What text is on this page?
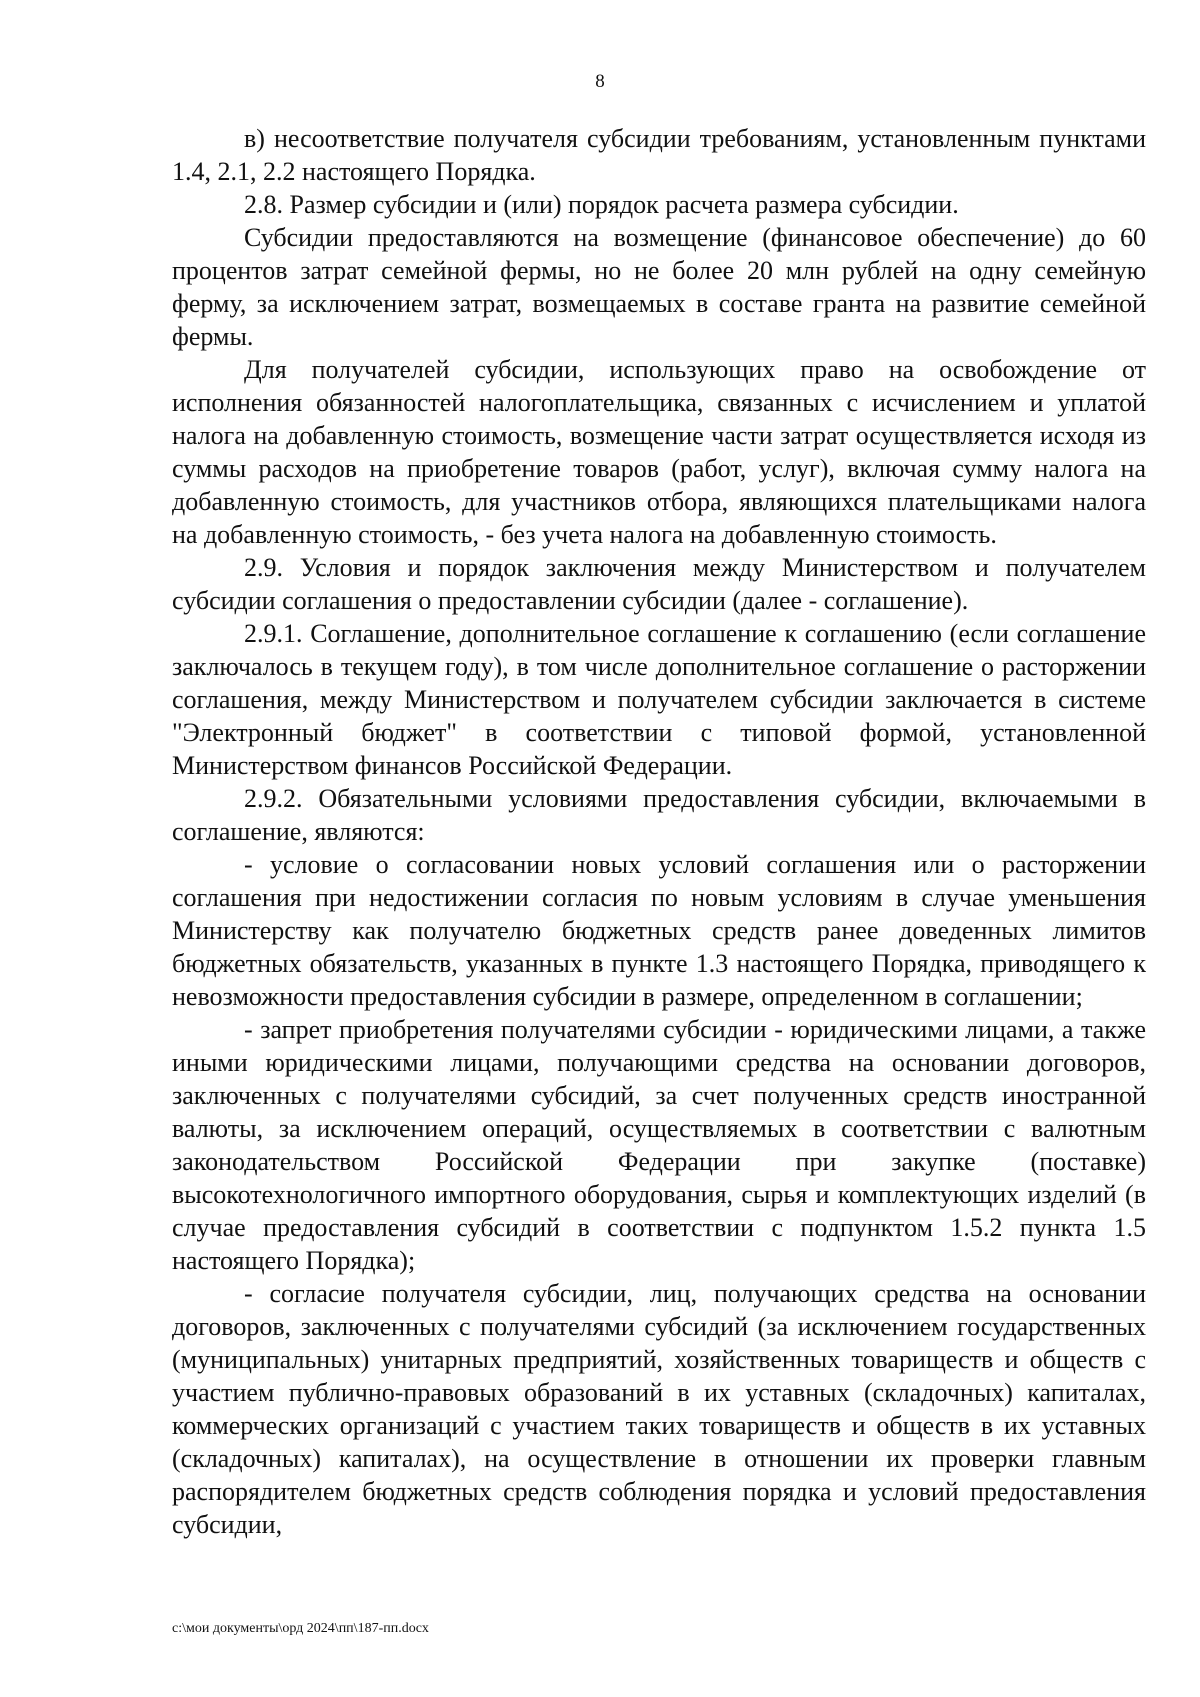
8

в) несоответствие получателя субсидии требованиям, установленным пунктами 1.4, 2.1, 2.2 настоящего Порядка.

2.8. Размер субсидии и (или) порядок расчета размера субсидии.

Субсидии предоставляются на возмещение (финансовое обеспечение) до 60 процентов затрат семейной фермы, но не более 20 млн рублей на одну семейную ферму, за исключением затрат, возмещаемых в составе гранта на развитие семейной фермы.

Для получателей субсидии, использующих право на освобождение от исполнения обязанностей налогоплательщика, связанных с исчислением и уплатой налога на добавленную стоимость, возмещение части затрат осуществляется исходя из суммы расходов на приобретение товаров (работ, услуг), включая сумму налога на добавленную стоимость, для участников отбора, являющихся плательщиками налога на добавленную стоимость, - без учета налога на добавленную стоимость.

2.9. Условия и порядок заключения между Министерством и получателем субсидии соглашения о предоставлении субсидии (далее - соглашение).

2.9.1. Соглашение, дополнительное соглашение к соглашению (если соглашение заключалось в текущем году), в том числе дополнительное соглашение о расторжении соглашения, между Министерством и получателем субсидии заключается в системе "Электронный бюджет" в соответствии с типовой формой, установленной Министерством финансов Российской Федерации.

2.9.2. Обязательными условиями предоставления субсидии, включаемыми в соглашение, являются:

- условие о согласовании новых условий соглашения или о расторжении соглашения при недостижении согласия по новым условиям в случае уменьшения Министерству как получателю бюджетных средств ранее доведенных лимитов бюджетных обязательств, указанных в пункте 1.3 настоящего Порядка, приводящего к невозможности предоставления субсидии в размере, определенном в соглашении;

- запрет приобретения получателями субсидии - юридическими лицами, а также иными юридическими лицами, получающими средства на основании договоров, заключенных с получателями субсидий, за счет полученных средств иностранной валюты, за исключением операций, осуществляемых в соответствии с валютным законодательством Российской Федерации при закупке (поставке) высокотехнологичного импортного оборудования, сырья и комплектующих изделий (в случае предоставления субсидий в соответствии с подпунктом 1.5.2 пункта 1.5 настоящего Порядка);

- согласие получателя субсидии, лиц, получающих средства на основании договоров, заключенных с получателями субсидий (за исключением государственных (муниципальных) унитарных предприятий, хозяйственных товариществ и обществ с участием публично-правовых образований в их уставных (складочных) капиталах, коммерческих организаций с участием таких товариществ и обществ в их уставных (складочных) капиталах), на осуществление в отношении их проверки главным распорядителем бюджетных средств соблюдения порядка и условий предоставления субсидии,

c:\мои документы\орд 2024\пп\187-пп.docx
